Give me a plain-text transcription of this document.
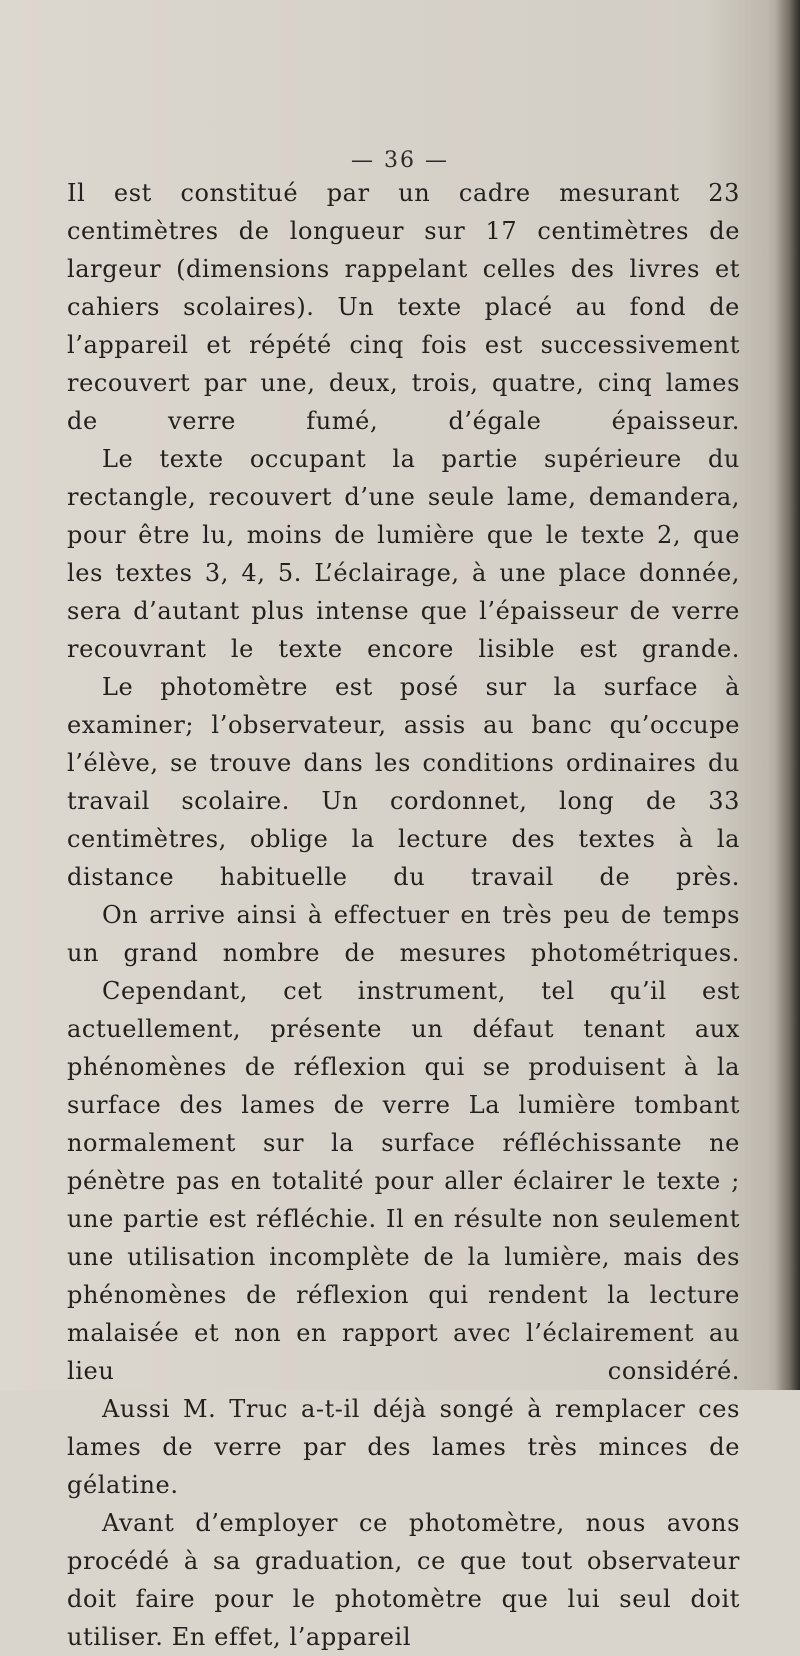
— 36 —

Il est constitué par un cadre mesurant 23 centimètres de longueur sur 17 centimètres de largeur (dimensions rappelant celles des livres et cahiers scolaires). Un texte placé au fond de l’appareil et répété cinq fois est successivement recouvert par une, deux, trois, quatre, cinq lames de verre fumé, d’égale épaisseur.

Le texte occupant la partie supérieure du rectangle, recouvert d’une seule lame, demandera, pour être lu, moins de lumière que le texte 2, que les textes 3, 4, 5. L’éclairage, à une place donnée, sera d’autant plus intense que l’épaisseur de verre recouvrant le texte encore lisible est grande.

Le photomètre est posé sur la surface à examiner; l’observateur, assis au banc qu’occupe l’élève, se trouve dans les conditions ordinaires du travail scolaire. Un cordonnet, long de 33 centimètres, oblige la lecture des textes à la distance habituelle du travail de près.

On arrive ainsi à effectuer en très peu de temps un grand nombre de mesures photométriques.

Cependant, cet instrument, tel qu’il est actuellement, présente un défaut tenant aux phénomènes de réflexion qui se produisent à la surface des lames de verre La lumière tombant normalement sur la surface réfléchissante ne pénètre pas en totalité pour aller éclairer le texte ; une partie est réfléchie. Il en résulte non seulement une utilisation incomplète de la lumière, mais des phénomènes de réflexion qui rendent la lecture malaisée et non en rapport avec l’éclairement au lieu considéré.

Aussi M. Truc a-t-il déjà songé à remplacer ces lames de verre par des lames très minces de gélatine.

Avant d’employer ce photomètre, nous avons procédé à sa graduation, ce que tout observateur doit faire pour le photomètre que lui seul doit utiliser. En effet, l’appareil
